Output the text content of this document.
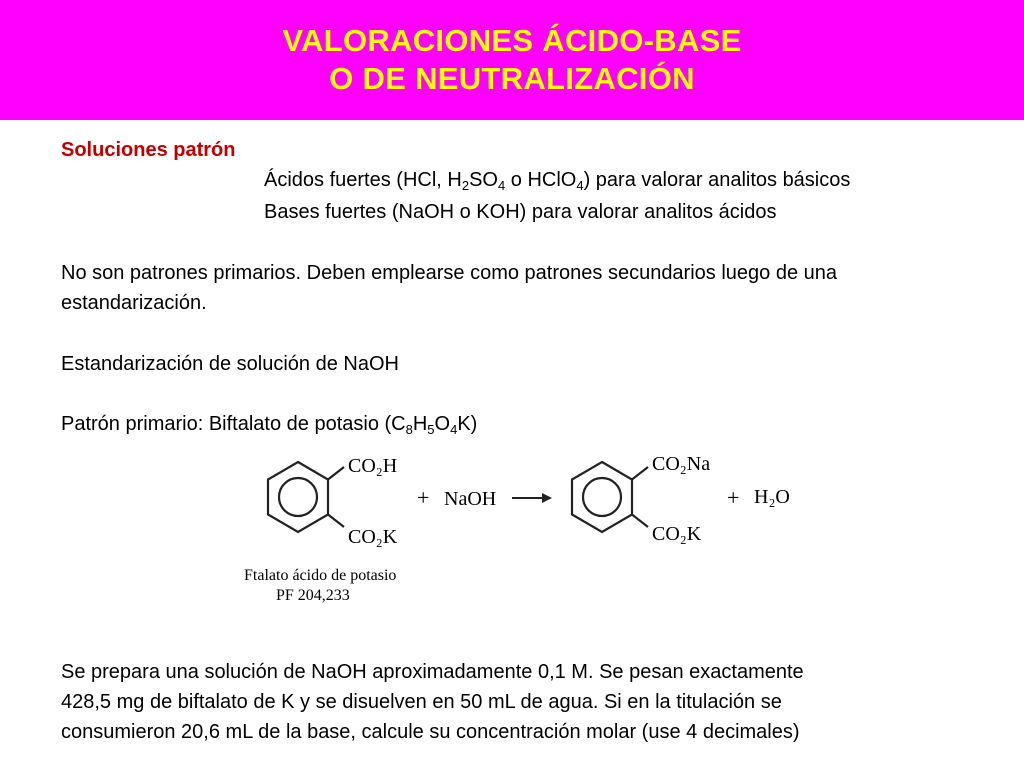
VALORACIONES ÁCIDO-BASE
O DE NEUTRALIZACIÓN
Soluciones patrón
Ácidos fuertes (HCl, $H_2SO_4$ o HClO$_4$) para valorar analitos básicos
Bases fuertes (NaOH o KOH) para valorar analitos ácidos
No son patrones primarios. Deben emplearse como patrones secundarios luego de una
estandarización.
Estandarización de solución de NaOH
Patrón primario: Biftalato de potasio $(C_8H_5O_4K)$
CO₂H
CO₂K
+ NaOH
CO₂Na
CO₂K
+ H₂O
Ftalato ácido de potasio
PF 204,233
Se prepara una solución de NaOH aproximadamente 0,1 M. Se pesan exactamente
428,5 mg de biftalato de K y se disuelven en 50 mL de agua. Si en la titulación se
consumieron 20,6 mL de la base, calcule su concentración molar (use 4 decimales)
